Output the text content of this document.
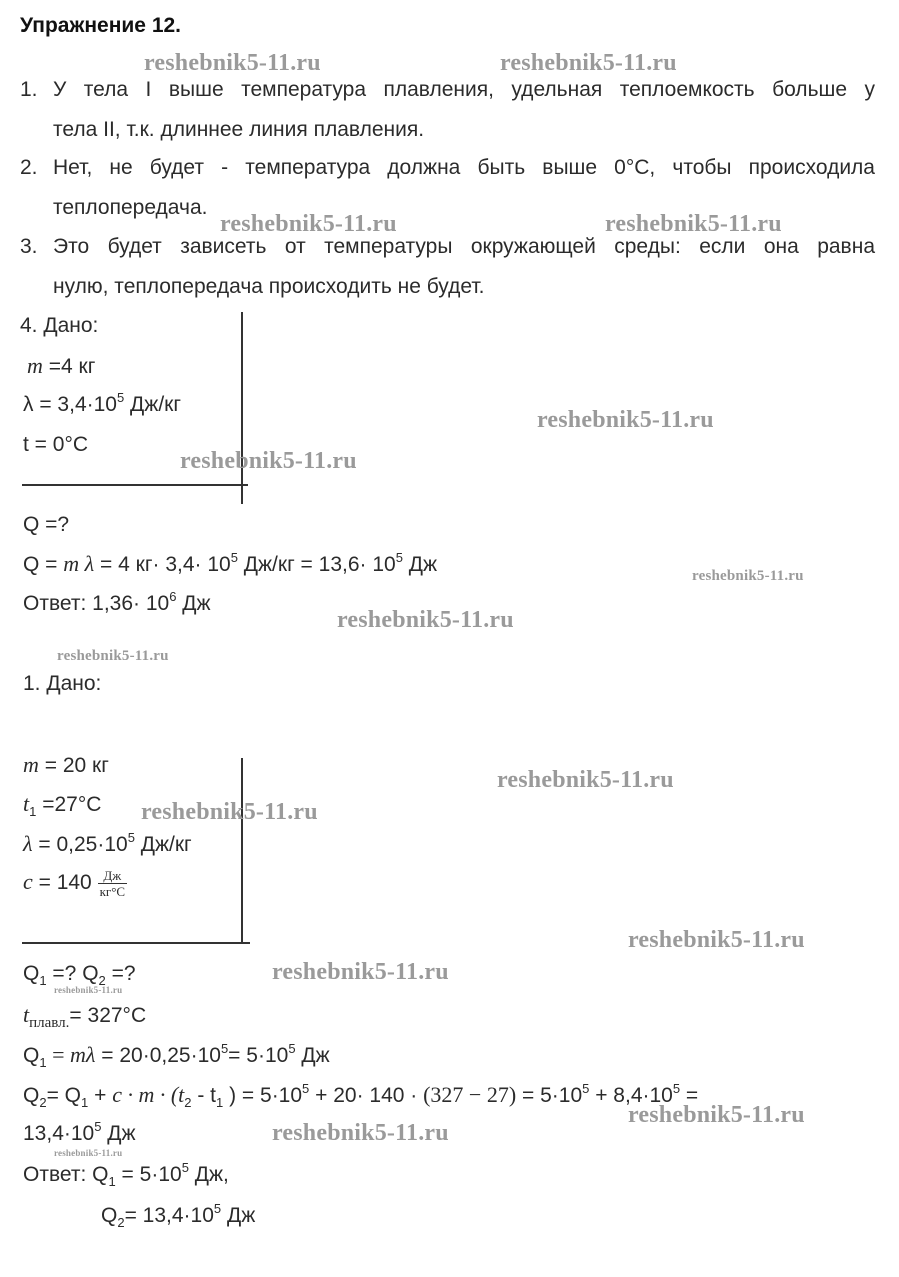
Упражнение 12.
1. У тела I выше температура плавления, удельная теплоемкость больше у
тела II, т.к. длиннее линия плавления.
2. Нет, не будет - температура должна быть выше 0°С, чтобы происходила
теплопередача.
3. Это будет зависеть от температуры окружающей среды: если она равна
нулю, теплопередача происходить не будет.
4. Дано:
m =4 кг
$\lambda = 3,4\cdot 10^5$ Дж/кг
t = 0°C
Q =?
Q = m λ = 4 $кг\cdot 3,4\cdot 10^5$ $Дж/кг = 13,6\cdot 10^5$ Дж
Ответ: $1,36\cdot 10^6$ Дж
1. Дано:
m = 20 кг
$t_1 =27^\circ C$
$\lambda = 0,25\cdot 10^5$ Дж/кг
$c = 140 \frac{Дж}{кг^\circ С}$
$Q_1$ =? $Q_2$ =?
$t_{плавл.}= 327^\circ C$
$Q_1 = m\lambda = 20\cdot 0,25\cdot 10^5= 5\cdot 10^5$ Дж
$Q_2= Q_1 + c \cdot m \cdot (t_2 - t_1$ ) = $5\cdot 10^5 + 20\cdot 140 \cdot (327 - 27) = 5\cdot 10^5 + 8,4\cdot 10^5$ =
$13,4\cdot 10^5$ Дж
Ответ: $Q_1 = 5\cdot 10^5$ Дж,
$Q_2= 13,4\cdot 10^5$ Дж
reshebnik5-11.ru	reshebnik5-11.ru
reshebnik5-11.ru	reshebnik5-11.ru
reshebnik5-11.ru
reshebnik5-11.ru
reshebnik5-11.ru
reshebnik5-11.ru
reshebnik5-11.ru
reshebnik5-11.ru
reshebnik5-11.ru
reshebnik5-11.ru
reshebnik5-11.ru
reshebnik5-11.ru
reshebnik5-11.ru
reshebnik5-11.ru
reshebnik5-11.ru
